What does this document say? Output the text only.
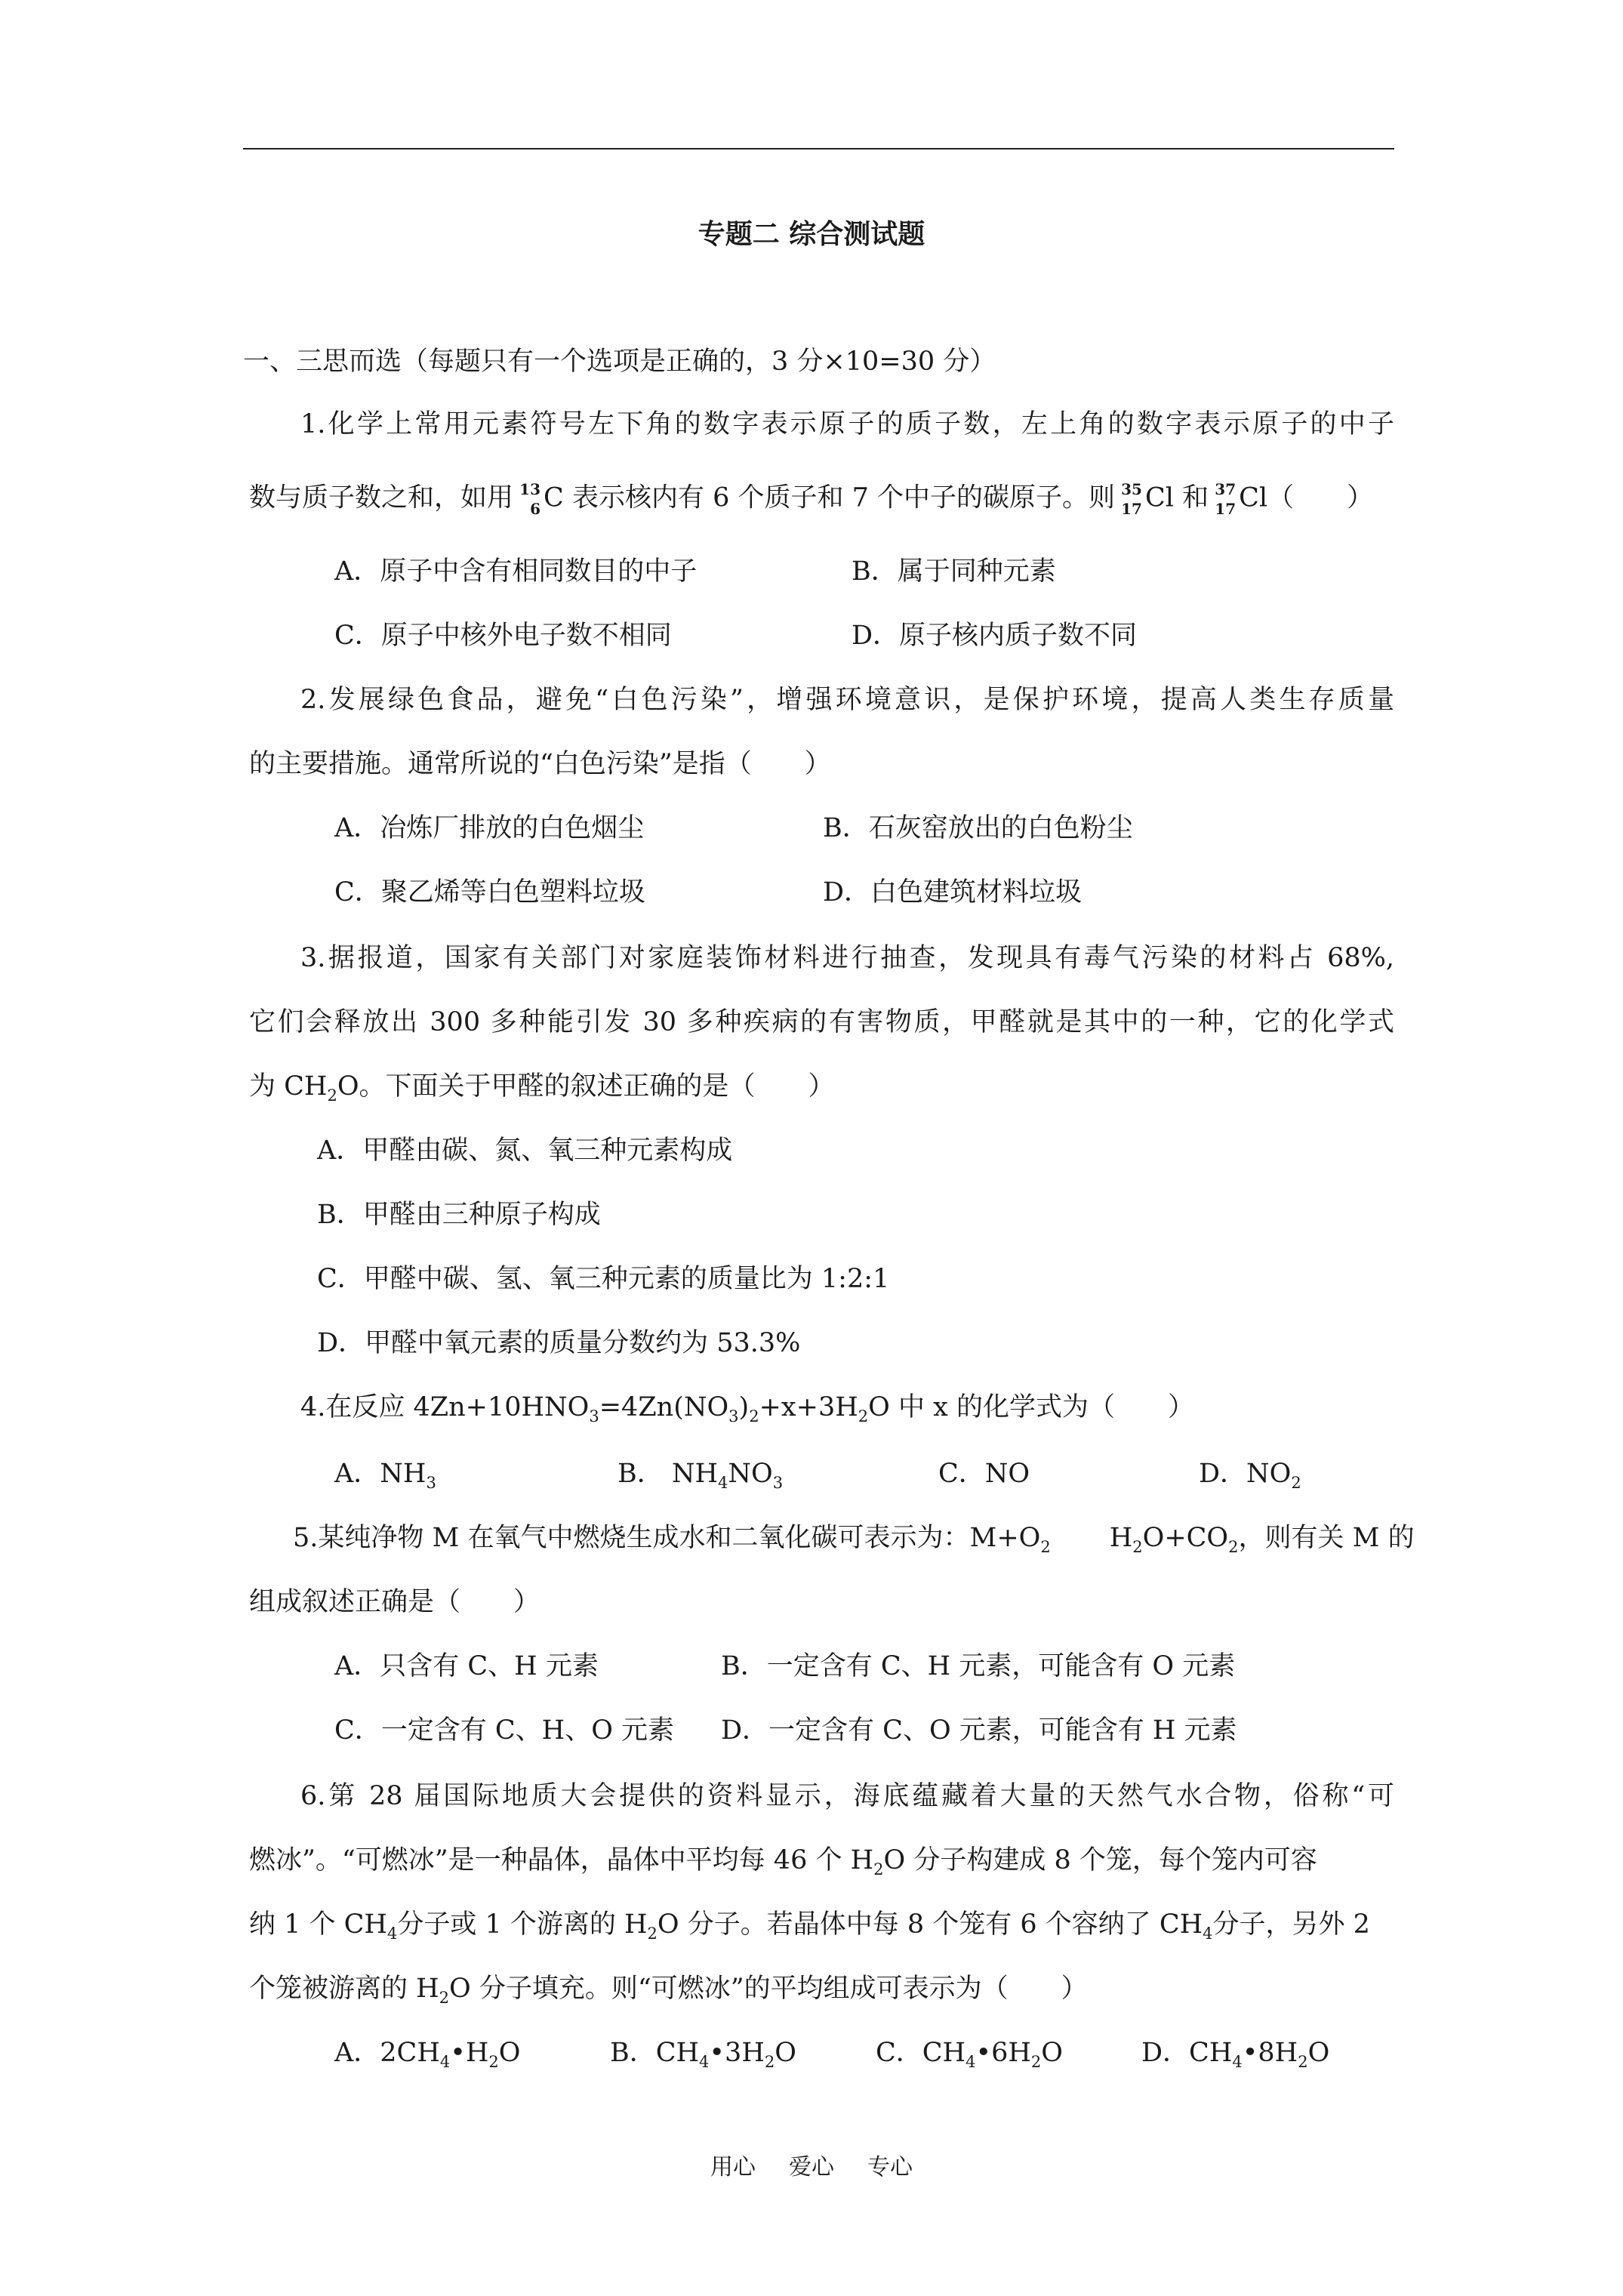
专题二 综合测试题
一、三思而选（每题只有一个选项是正确的，3 分×10=30 分）
1.化学上常用元素符号左下角的数字表示原子的质子数，左上角的数字表示原子的中子
数与质子数之和，如用 13
6 C 表示核内有 6 个质子和 7 个中子的碳原子。则 35
17 Cl 和 37
17 Cl（　　）
A．原子中含有相同数目的中子	B．属于同种元素
C．原子中核外电子数不相同	D．原子核内质子数不同
2.发展绿色食品，避免“白色污染”，增强环境意识，是保护环境，提高人类生存质量
的主要措施。通常所说的“白色污染”是指（　　）
A．冶炼厂排放的白色烟尘	B．石灰窑放出的白色粉尘
C．聚乙烯等白色塑料垃圾	D．白色建筑材料垃圾
3.据报道，国家有关部门对家庭装饰材料进行抽查，发现具有毒气污染的材料占 68%,
它们会释放出 300 多种能引发 30 多种疾病的有害物质，甲醛就是其中的一种，它的化学式
为 $CH_2O$。下面关于甲醛的叙述正确的是（　　）
A．甲醛由碳、氮、氧三种元素构成
B．甲醛由三种原子构成
C．甲醛中碳、氢、氧三种元素的质量比为 1:2:1
D．甲醛中氧元素的质量分数约为 53.3%
4.在反应 $4Zn+10HNO_3=4Zn(NO_3)_2+x+3H_2O$ 中 x 的化学式为（　　）
A．$NH_3$	B． $NH_4NO_3$	C．NO	D．$NO_2$
5.某纯净物 M 在氧气中燃烧生成水和二氧化碳可表示为：$M+O_2$ $H_2O+CO_2$，则有关 M 的
组成叙述正确是（　　）
A．只含有 C、H 元素	B．一定含有 C、H 元素，可能含有 O 元素
C．一定含有 C、H、O 元素 D．一定含有 C、O 元素，可能含有 H 元素
6.第 28 届国际地质大会提供的资料显示，海底蕴藏着大量的天然气水合物，俗称“可
燃冰”。“可燃冰”是一种晶体，晶体中平均每 46 个 $H_2O$ 分子构建成 8 个笼，每个笼内可容
纳 1 个 $CH_4$分子或 1 个游离的 $H_2O$ 分子。若晶体中每 8 个笼有 6 个容纳了 $CH_4$分子，另外 2
个笼被游离的 $H_2O$ 分子填充。则“可燃冰”的平均组成可表示为（　　）
A．$2CH_4•H_2O$	B．$CH_4•3H_2O$	C．$CH_4•6H_2O$	D．$CH_4•8H_2O$
用心 爱心 专心
